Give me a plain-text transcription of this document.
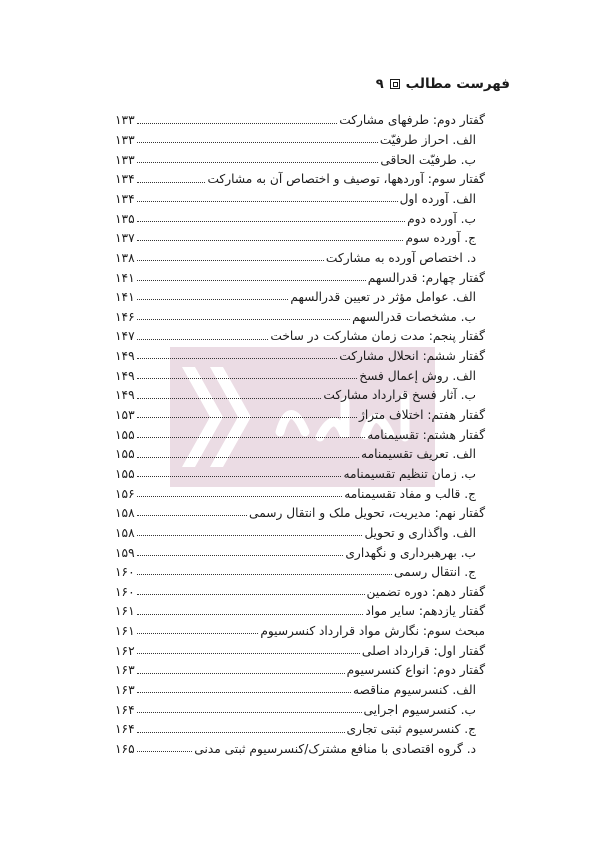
فهرست مطالب
۹
گفتار دوم: طرفهای مشارکت
۱۳۳
الف. احراز طرفیّت
۱۳۳
ب. طرفیّت الحاقی
۱۳۳
گفتار سوم: آوردهها، توصیف و اختصاص آن به مشارکت
۱۳۴
الف. آورده اول
۱۳۴
ب. آورده دوم
۱۳۵
ج. آورده سوم
۱۳۷
د. اختصاص آورده به مشارکت
۱۳۸
گفتار چهارم: قدرالسهم
۱۴۱
الف. عوامل مؤثر در تعیین قدرالسهم
۱۴۱
ب. مشخصات قدرالسهم
۱۴۶
گفتار پنجم: مدت زمان مشارکت در ساخت
۱۴۷
گفتار ششم: انحلال مشارکت
۱۴۹
الف. روش إعمال فسخ
۱۴۹
ب. آثار فسخ قرارداد مشارکت
۱۴۹
گفتار هفتم: اختلاف متراژ
۱۵۳
گفتار هشتم: تقسیمنامه
۱۵۵
الف. تعریف تقسیمنامه
۱۵۵
ب. زمان تنظیم تقسیمنامه
۱۵۵
ج. قالب و مفاد تقسیمنامه
۱۵۶
گفتار نهم: مدیریت، تحویل ملک و انتقال رسمی
۱۵۸
الف. واگذاری و تحویل
۱۵۸
ب. بهرهبرداری و نگهداری
۱۵۹
ج. انتقال رسمی
۱۶۰
گفتار دهم: دوره تضمین
۱۶۰
گفتار یازدهم: سایر مواد
۱۶۱
مبحث سوم: نگارش مواد قرارداد کنسرسیوم
۱۶۱
گفتار اول: قرارداد اصلی
۱۶۲
گفتار دوم: انواع کنسرسیوم
۱۶۳
الف. کنسرسیوم مناقصه
۱۶۳
ب. کنسرسیوم اجرایی
۱۶۴
ج. کنسرسیوم ثبتی تجاری
۱۶۴
د. گروه اقتصادی با منافع مشترک/کنسرسیوم ثبتی مدنی
۱۶۵
